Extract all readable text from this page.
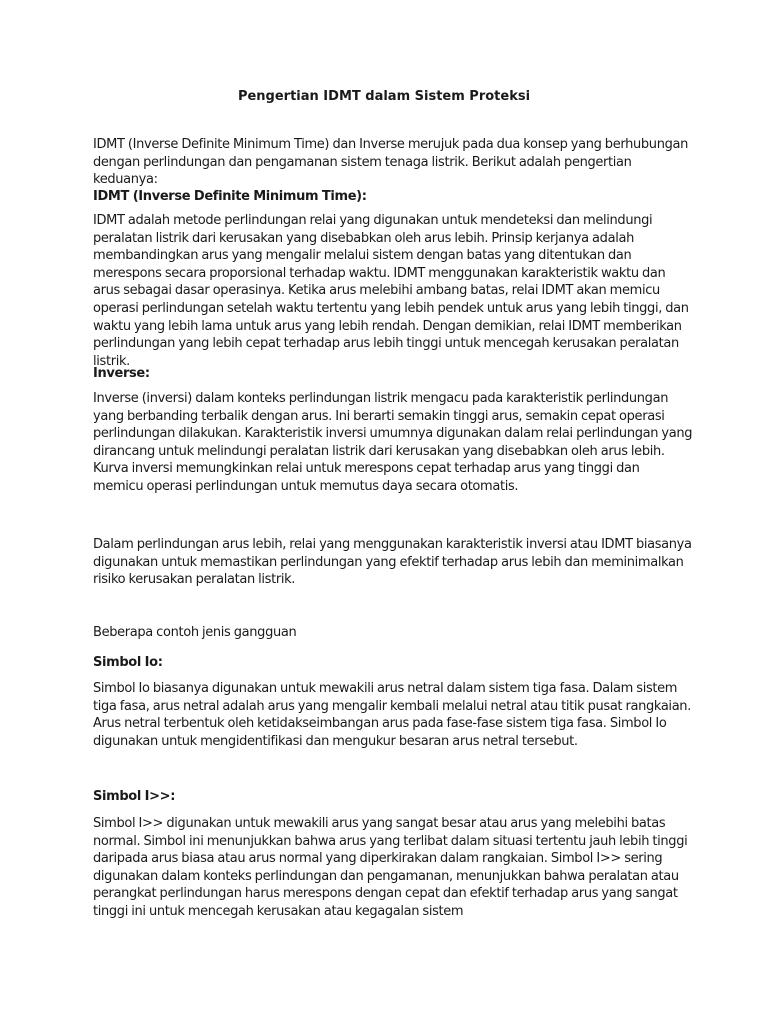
Pengertian IDMT dalam Sistem Proteksi

IDMT (Inverse Definite Minimum Time) dan Inverse merujuk pada dua konsep yang berhubungan dengan perlindungan dan pengamanan sistem tenaga listrik. Berikut adalah pengertian keduanya:

IDMT (Inverse Definite Minimum Time):

IDMT adalah metode perlindungan relai yang digunakan untuk mendeteksi dan melindungi peralatan listrik dari kerusakan yang disebabkan oleh arus lebih. Prinsip kerjanya adalah membandingkan arus yang mengalir melalui sistem dengan batas yang ditentukan dan merespons secara proporsional terhadap waktu. IDMT menggunakan karakteristik waktu dan arus sebagai dasar operasinya. Ketika arus melebihi ambang batas, relai IDMT akan memicu operasi perlindungan setelah waktu tertentu yang lebih pendek untuk arus yang lebih tinggi, dan waktu yang lebih lama untuk arus yang lebih rendah. Dengan demikian, relai IDMT memberikan perlindungan yang lebih cepat terhadap arus lebih tinggi untuk mencegah kerusakan peralatan listrik.

Inverse:

Inverse (inversi) dalam konteks perlindungan listrik mengacu pada karakteristik perlindungan yang berbanding terbalik dengan arus. Ini berarti semakin tinggi arus, semakin cepat operasi perlindungan dilakukan. Karakteristik inversi umumnya digunakan dalam relai perlindungan yang dirancang untuk melindungi peralatan listrik dari kerusakan yang disebabkan oleh arus lebih. Kurva inversi memungkinkan relai untuk merespons cepat terhadap arus yang tinggi dan memicu operasi perlindungan untuk memutus daya secara otomatis.

Dalam perlindungan arus lebih, relai yang menggunakan karakteristik inversi atau IDMT biasanya digunakan untuk memastikan perlindungan yang efektif terhadap arus lebih dan meminimalkan risiko kerusakan peralatan listrik.

Beberapa contoh jenis gangguan

Simbol Io:

Simbol Io biasanya digunakan untuk mewakili arus netral dalam sistem tiga fasa. Dalam sistem tiga fasa, arus netral adalah arus yang mengalir kembali melalui netral atau titik pusat rangkaian. Arus netral terbentuk oleh ketidakseimbangan arus pada fase-fase sistem tiga fasa. Simbol Io digunakan untuk mengidentifikasi dan mengukur besaran arus netral tersebut.

Simbol I>>:

Simbol I>> digunakan untuk mewakili arus yang sangat besar atau arus yang melebihi batas normal. Simbol ini menunjukkan bahwa arus yang terlibat dalam situasi tertentu jauh lebih tinggi daripada arus biasa atau arus normal yang diperkirakan dalam rangkaian. Simbol I>> sering digunakan dalam konteks perlindungan dan pengamanan, menunjukkan bahwa peralatan atau perangkat perlindungan harus merespons dengan cepat dan efektif terhadap arus yang sangat tinggi ini untuk mencegah kerusakan atau kegagalan sistem
